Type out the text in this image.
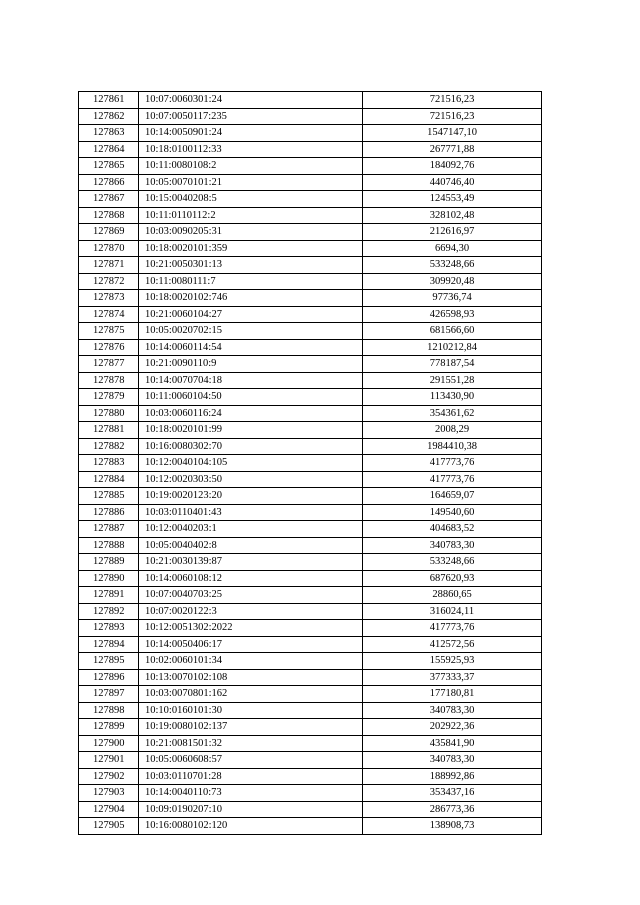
127861	10:07:0060301:24	721516,23
127862	10:07:0050117:235	721516,23
127863	10:14:0050901:24	1547147,10
127864	10:18:0100112:33	267771,88
127865	10:11:0080108:2	184092,76
127866	10:05:0070101:21	440746,40
127867	10:15:0040208:5	124553,49
127868	10:11:0110112:2	328102,48
127869	10:03:0090205:31	212616,97
127870	10:18:0020101:359	6694,30
127871	10:21:0050301:13	533248,66
127872	10:11:0080111:7	309920,48
127873	10:18:0020102:746	97736,74
127874	10:21:0060104:27	426598,93
127875	10:05:0020702:15	681566,60
127876	10:14:0060114:54	1210212,84
127877	10:21:0090110:9	778187,54
127878	10:14:0070704:18	291551,28
127879	10:11:0060104:50	113430,90
127880	10:03:0060116:24	354361,62
127881	10:18:0020101:99	2008,29
127882	10:16:0080302:70	1984410,38
127883	10:12:0040104:105	417773,76
127884	10:12:0020303:50	417773,76
127885	10:19:0020123:20	164659,07
127886	10:03:0110401:43	149540,60
127887	10:12:0040203:1	404683,52
127888	10:05:0040402:8	340783,30
127889	10:21:0030139:87	533248,66
127890	10:14:0060108:12	687620,93
127891	10:07:0040703:25	28860,65
127892	10:07:0020122:3	316024,11
127893	10:12:0051302:2022	417773,76
127894	10:14:0050406:17	412572,56
127895	10:02:0060101:34	155925,93
127896	10:13:0070102:108	377333,37
127897	10:03:0070801:162	177180,81
127898	10:10:0160101:30	340783,30
127899	10:19:0080102:137	202922,36
127900	10:21:0081501:32	435841,90
127901	10:05:0060608:57	340783,30
127902	10:03:0110701:28	188992,86
127903	10:14:0040110:73	353437,16
127904	10:09:0190207:10	286773,36
127905	10:16:0080102:120	138908,73
